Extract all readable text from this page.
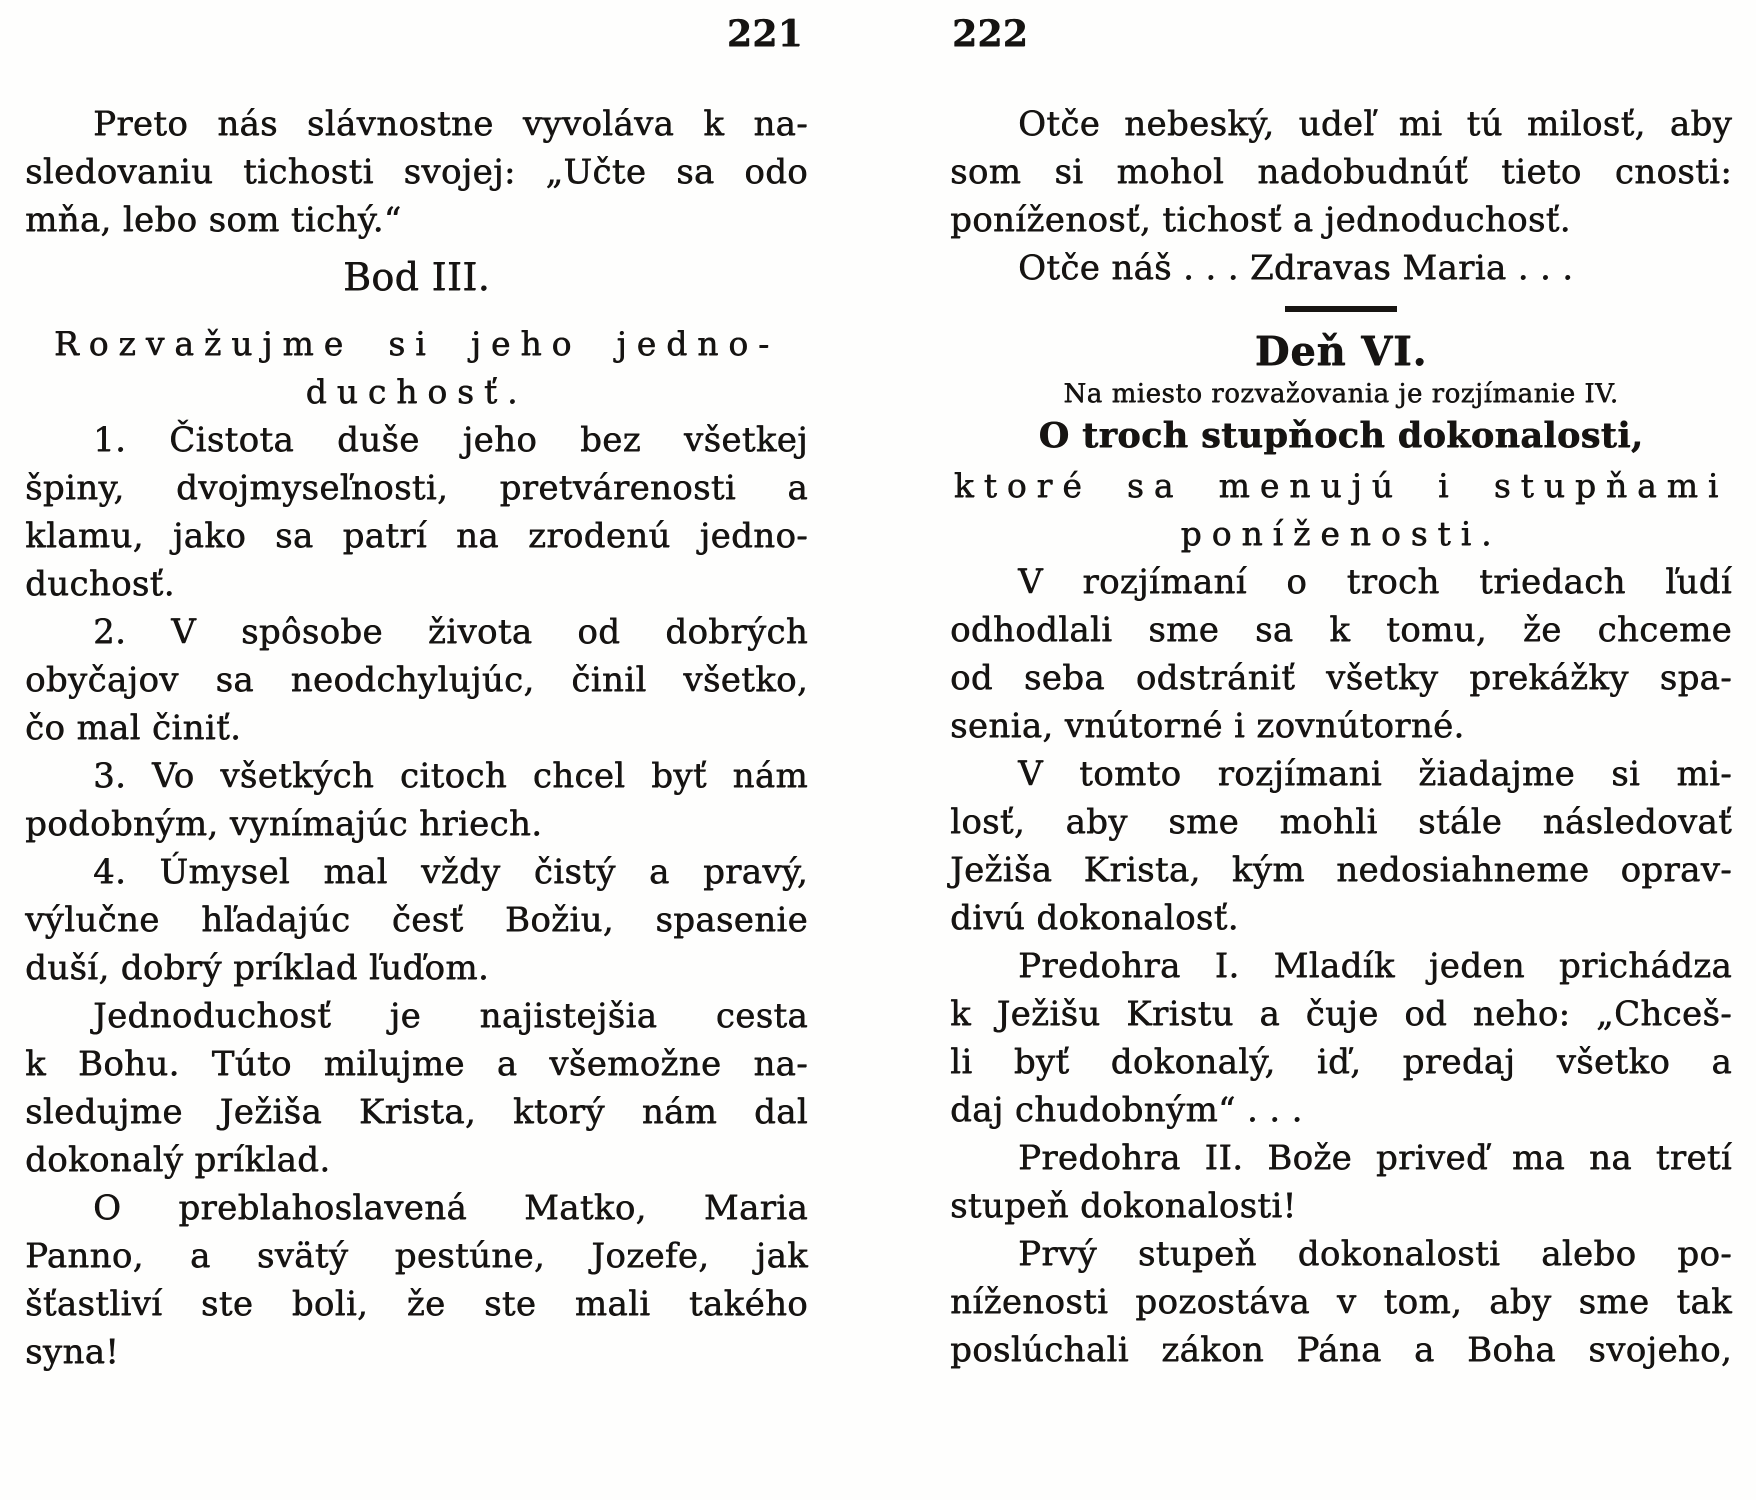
221	222
Preto nás slávnostne vyvoláva k na-
sledovaniu tichosti svojej: „Učte sa odo
mňa, lebo som tichý.“
Bod III.
Rozvažujme si jeho jedno-
duchosť.
1. Čistota duše jeho bez všetkej
špiny, dvojmyseľnosti, pretvárenosti a
klamu, jako sa patrí na zrodenú jedno-
duchosť.
2. V spôsobe života od dobrých
obyčajov sa neodchylujúc, činil všetko,
čo mal činiť.
3. Vo všetkých citoch chcel byť nám
podobným, vynímajúc hriech.
4. Úmysel mal vždy čistý a pravý,
výlučne hľadajúc česť Božiu, spasenie
duší, dobrý príklad ľuďom.
Jednoduchosť je najistejšia cesta
k Bohu. Túto milujme a všemožne na-
sledujme Ježiša Krista, ktorý nám dal
dokonalý príklad.
O preblahoslavená Matko, Maria
Panno, a svätý pestúne, Jozefe, jak
šťastliví ste boli, že ste mali takého
syna!
Otče nebeský, udeľ mi tú milosť, aby
som si mohol nadobudnúť tieto cnosti:
poníženosť, tichosť a jednoduchosť.
Otče náš . . . Zdravas Maria . . .
Deň VI.
Na miesto rozvažovania je rozjímanie IV.
O troch stupňoch dokonalosti,
ktoré sa menujú i stupňami
poníženosti.
V rozjímaní o troch triedach ľudí
odhodlali sme sa k tomu, že chceme
od seba odstrániť všetky prekážky spa-
senia, vnútorné i zovnútorné.
V tomto rozjímani žiadajme si mi-
losť, aby sme mohli stále následovať
Ježiša Krista, kým nedosiahneme oprav-
divú dokonalosť.
Predohra I. Mladík jeden prichádza
k Ježišu Kristu a čuje od neho: „Chceš-
li byť dokonalý, iď, predaj všetko a
daj chudobným“ . . .
Predohra II. Bože priveď ma na tretí
stupeň dokonalosti!
Prvý stupeň dokonalosti alebo po-
níženosti pozostáva v tom, aby sme tak
poslúchali zákon Pána a Boha svojeho,
